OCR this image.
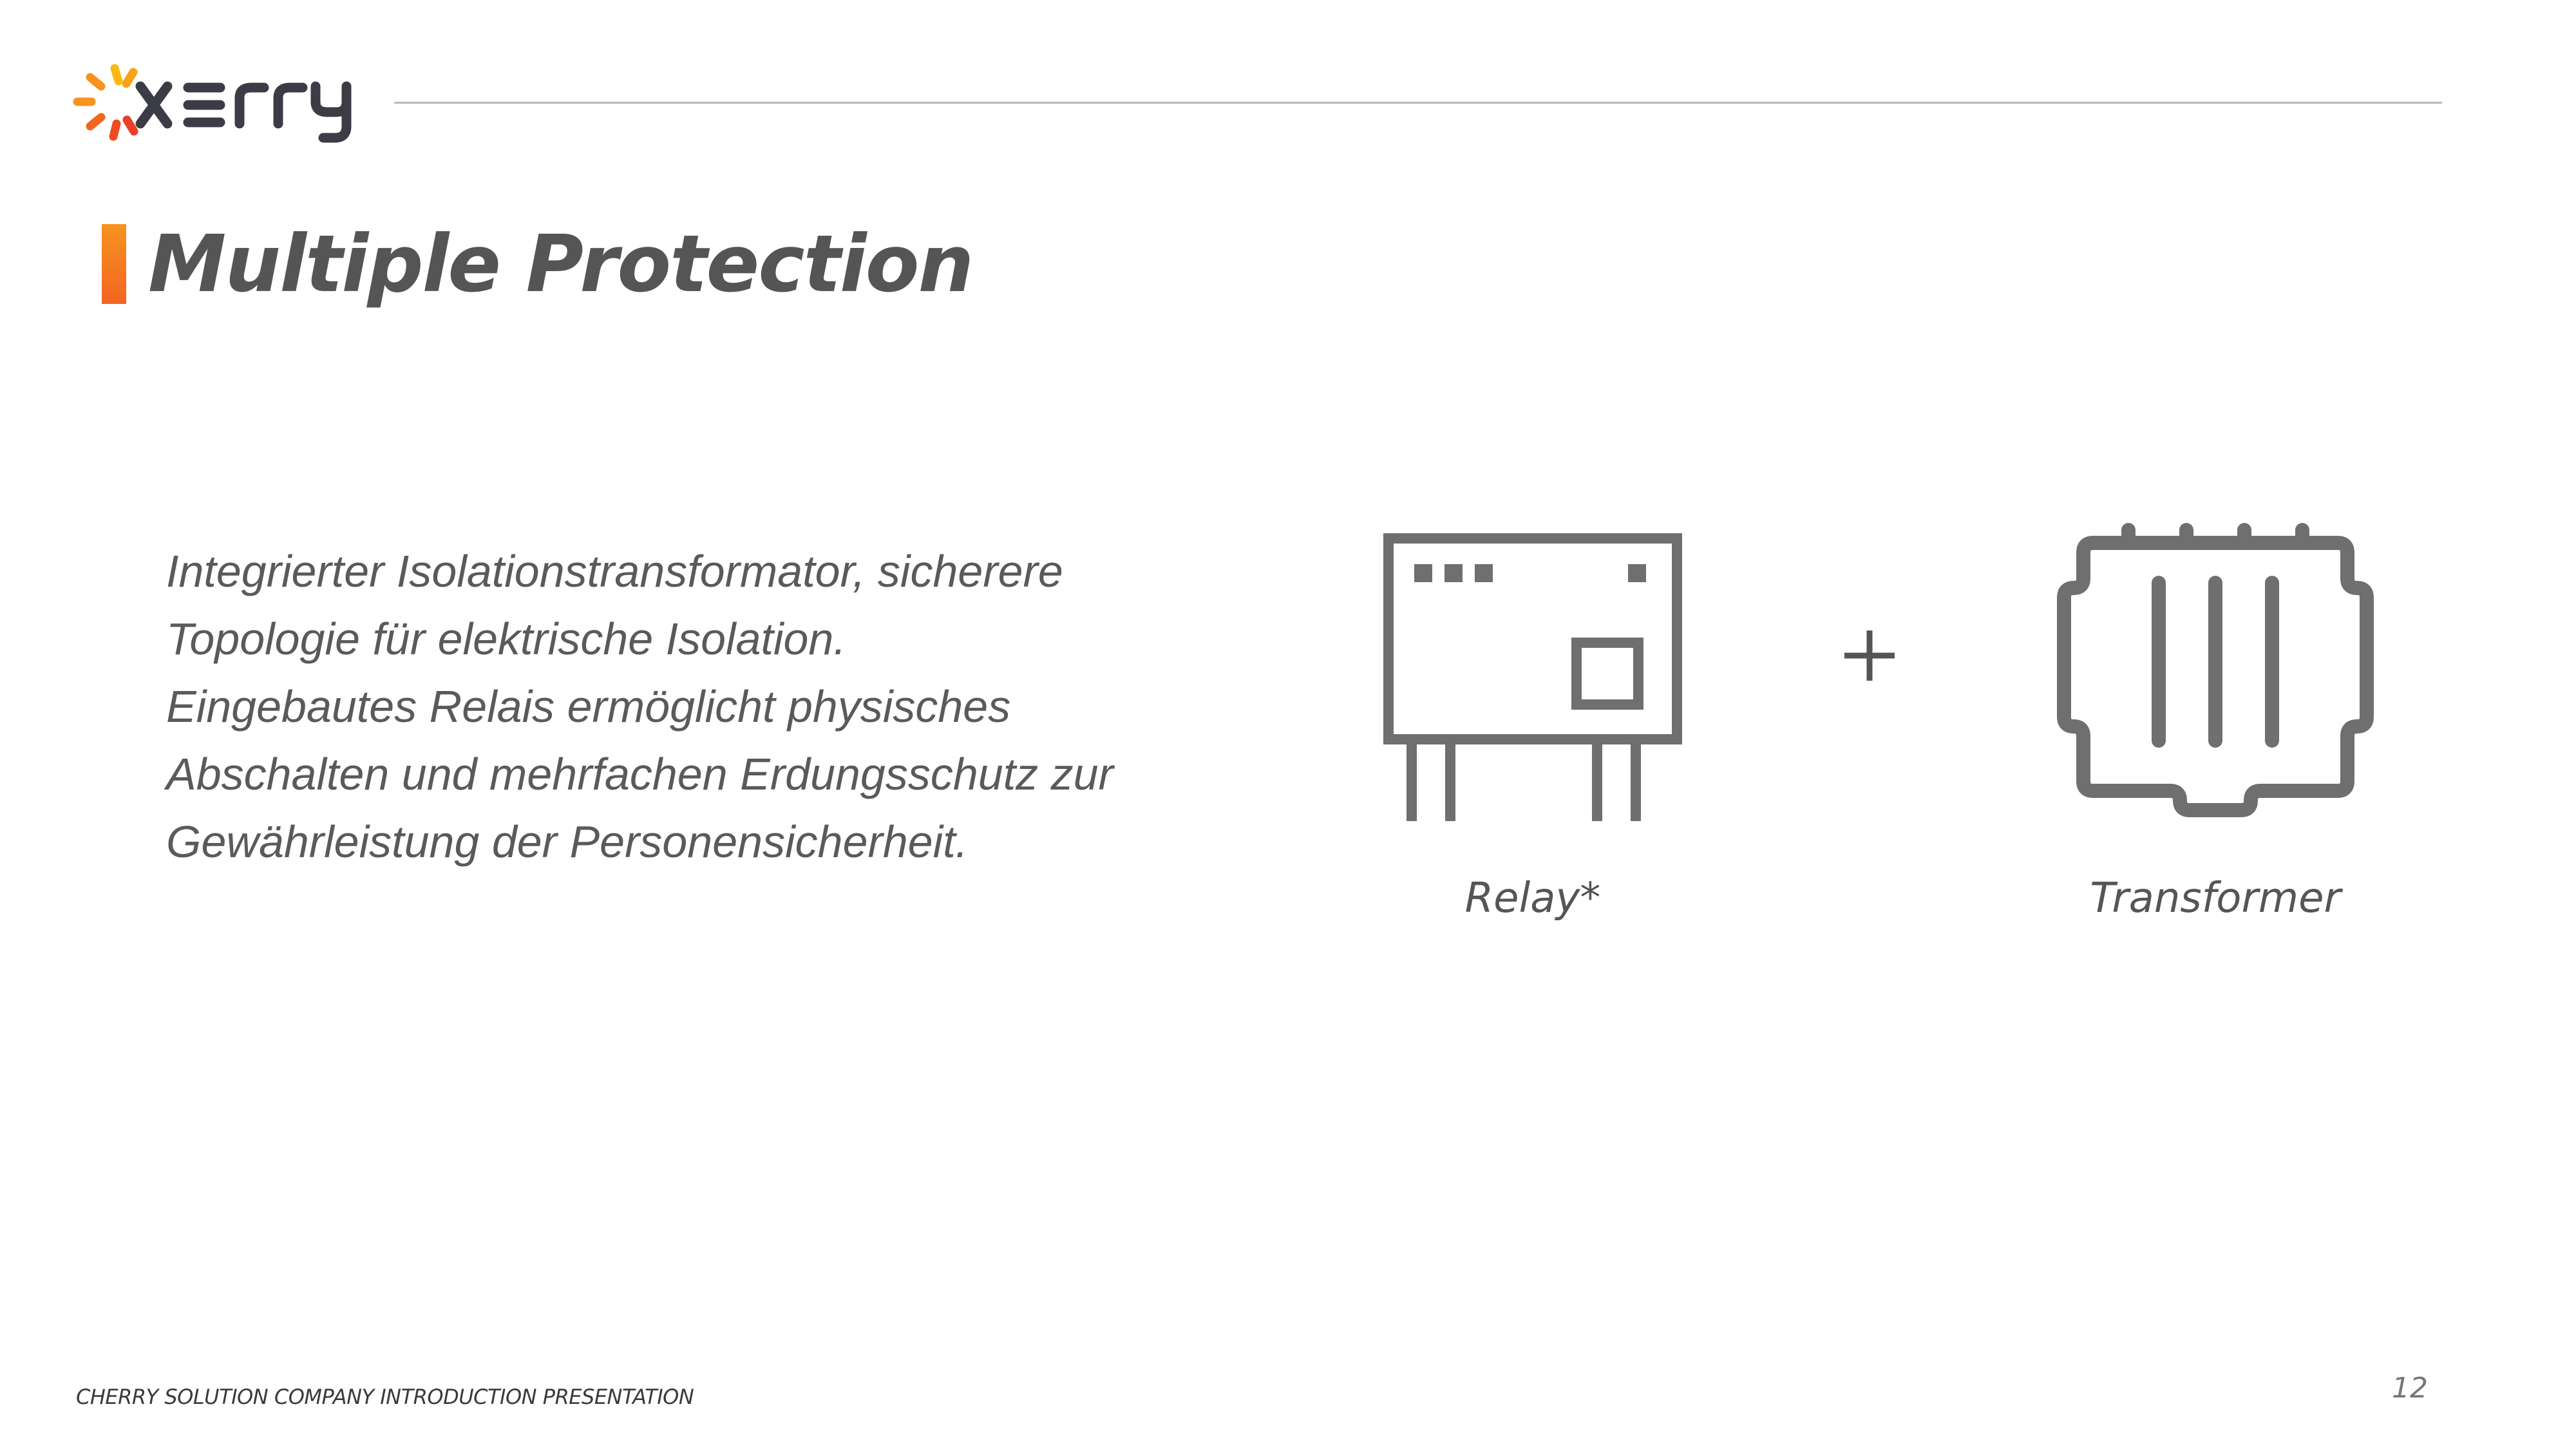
Multiple Protection

Integrierter Isolationstransformator, sicherere

Topologie für elektrische Isolation.

Eingebautes Relais ermöglicht physisches

Abschalten und mehrfachen Erdungsschutz zur

Gewährleistung der Personensicherheit.

Relay*	Transformer

CHERRY SOLUTION COMPANY INTRODUCTION PRESENTATION	12
